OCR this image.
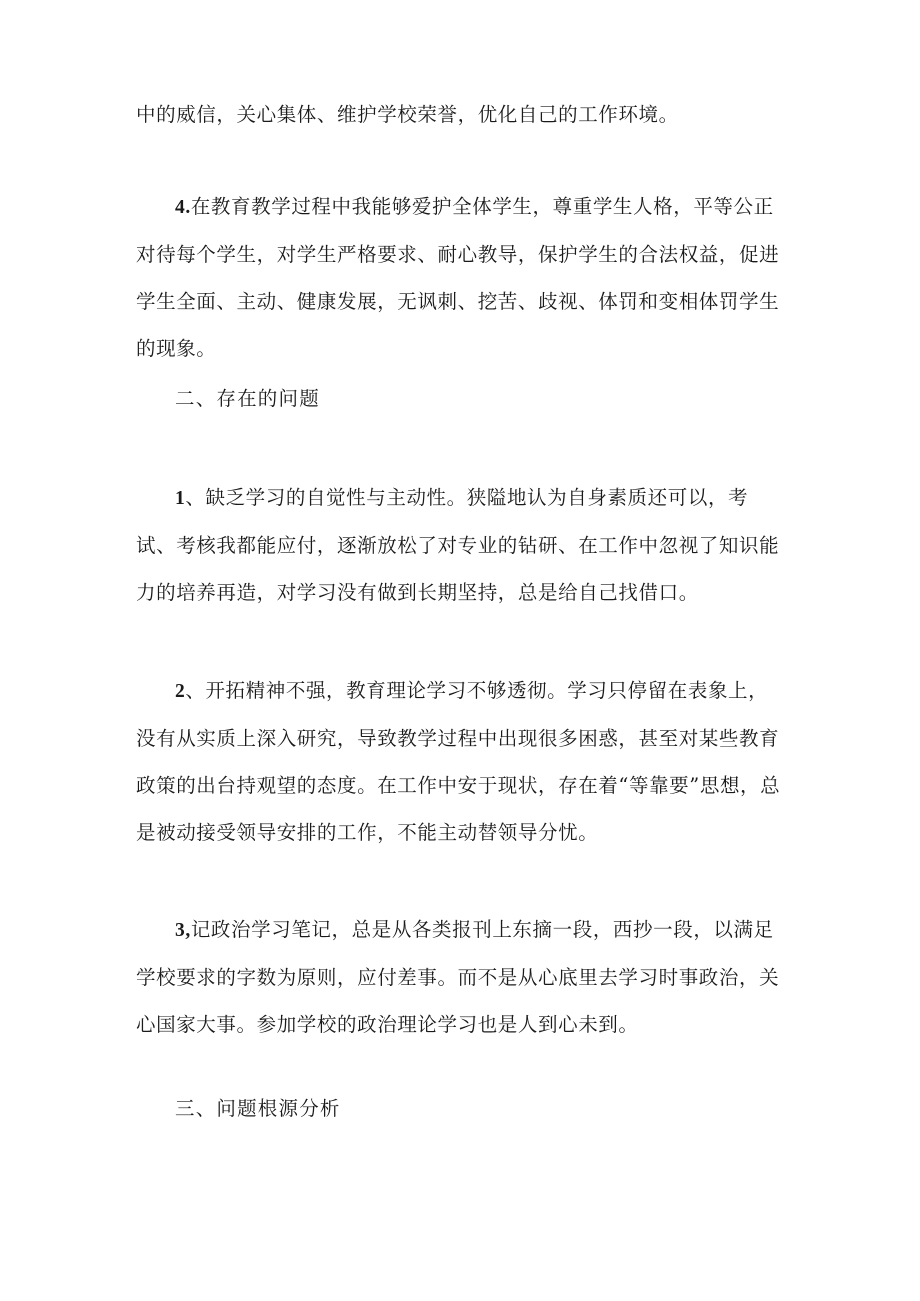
中的威信，关心集体、维护学校荣誉，优化自己的工作环境。

4.在教育教学过程中我能够爱护全体学生，尊重学生人格，平等公正对待每个学生，对学生严格要求、耐心教导，保护学生的合法权益，促进学生全面、主动、健康发展，无讽刺、挖苦、歧视、体罚和变相体罚学生的现象。

二、存在的问题

1、缺乏学习的自觉性与主动性。狭隘地认为自身素质还可以，考试、考核我都能应付，逐渐放松了对专业的钻研、在工作中忽视了知识能力的培养再造，对学习没有做到长期坚持，总是给自己找借口。

2、开拓精神不强，教育理论学习不够透彻。学习只停留在表象上，没有从实质上深入研究，导致教学过程中出现很多困惑，甚至对某些教育政策的出台持观望的态度。在工作中安于现状，存在着“等靠要”思想，总是被动接受领导安排的工作，不能主动替领导分忧。

3,记政治学习笔记，总是从各类报刊上东摘一段，西抄一段，以满足学校要求的字数为原则，应付差事。而不是从心底里去学习时事政治，关心国家大事。参加学校的政治理论学习也是人到心未到。

三、问题根源分析
